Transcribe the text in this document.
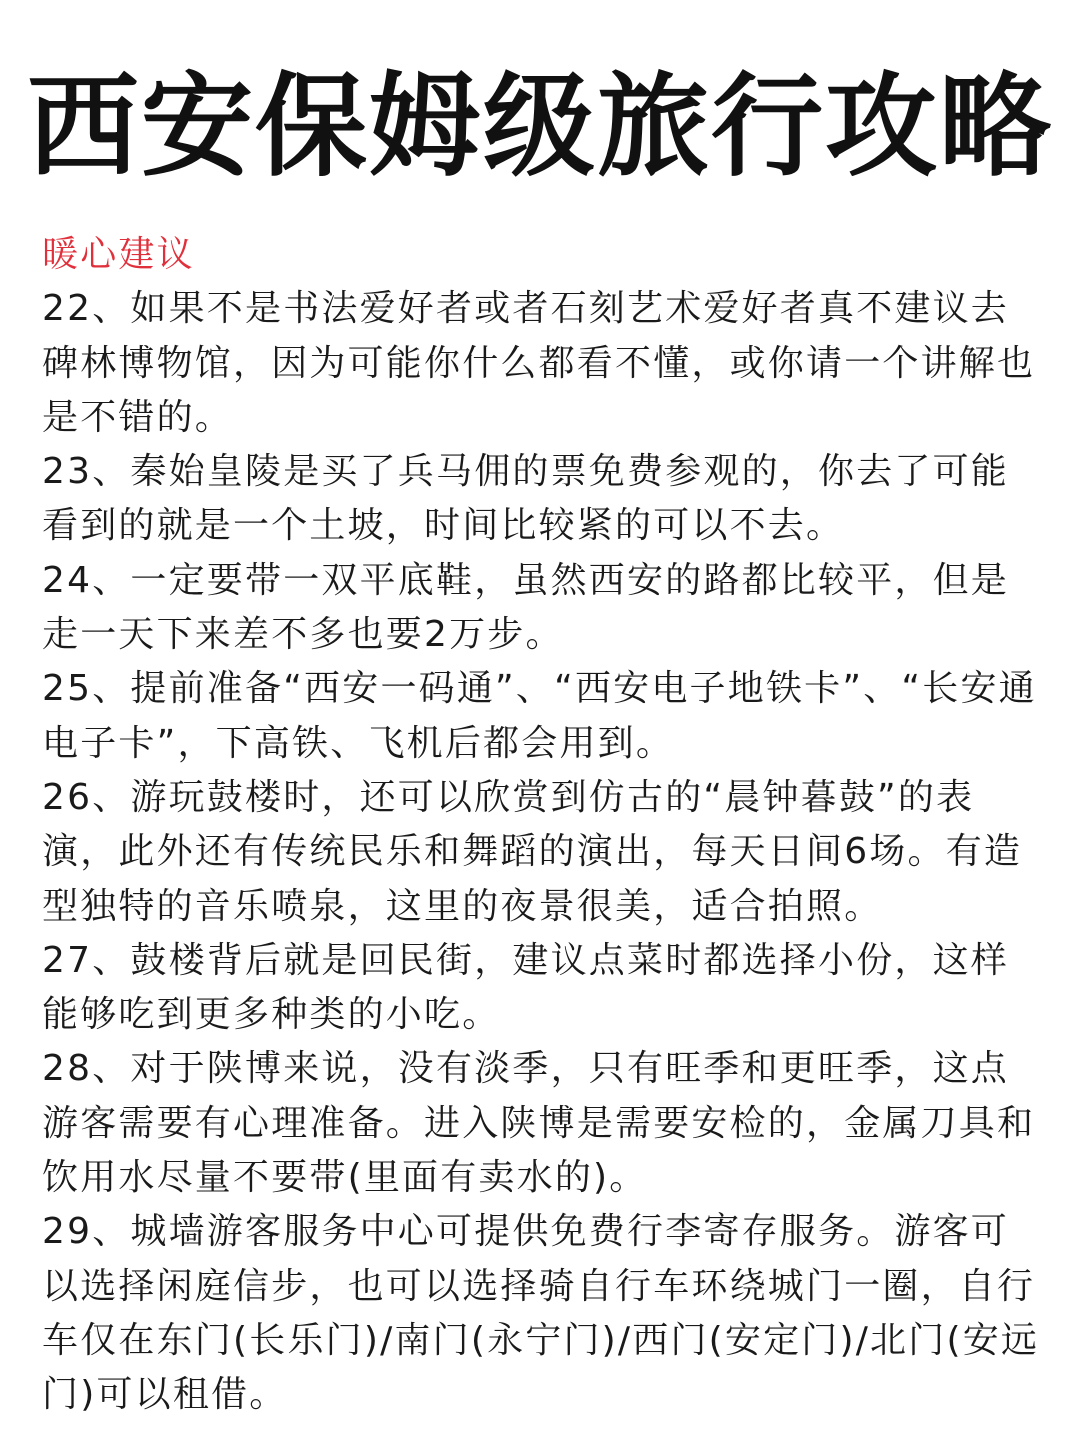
西安保姆级旅行攻略
暖心建议
22、如果不是书法爱好者或者石刻艺术爱好者真不建议去碑林博物馆，因为可能你什么都看不懂，或你请一个讲解也是不错的。
23、秦始皇陵是买了兵马佣的票免费参观的，你去了可能看到的就是一个土坡，时间比较紧的可以不去。
24、一定要带一双平底鞋，虽然西安的路都比较平，但是走一天下来差不多也要2万步。
25、提前准备“西安一码通”、“西安电子地铁卡”、“长安通电子卡”，下高铁、飞机后都会用到。
26、游玩鼓楼时，还可以欣赏到仿古的“晨钟暮鼓”的表演，此外还有传统民乐和舞蹈的演出，每天日间6场。有造型独特的音乐喷泉，这里的夜景很美，适合拍照。
27、鼓楼背后就是回民街，建议点菜时都选择小份，这样能够吃到更多种类的小吃。
28、对于陕博来说，没有淡季，只有旺季和更旺季，这点游客需要有心理准备。进入陕博是需要安检的，金属刀具和饮用水尽量不要带(里面有卖水的)。
29、城墙游客服务中心可提供免费行李寄存服务。游客可以选择闲庭信步，也可以选择骑自行车环绕城门一圈，自行车仅在东门(长乐门)/南门(永宁门)/西门(安定门)/北门(安远门)可以租借。
